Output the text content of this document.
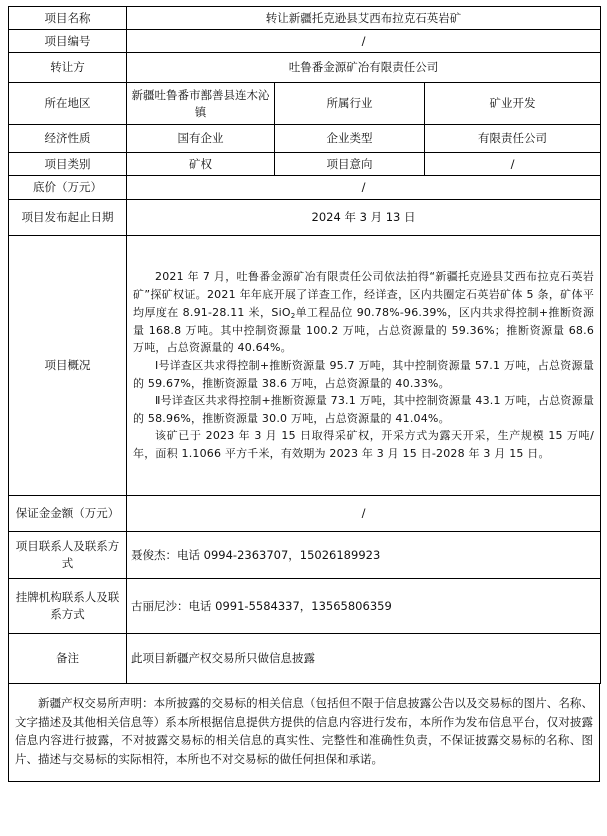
项目名称	转让新疆托克逊县艾西布拉克石英岩矿		
项目编号	/		
转让方	吐鲁番金源矿冶有限责任公司		
所在地区	新疆吐鲁番市鄯善县连木沁镇	所属行业	矿业开发
经济性质	国有企业	企业类型	有限责任公司
项目类别	矿权	项目意向	/
底价（万元）	/		
项目发布起止日期	2024 年 3 月 13 日		
项目概况	2021 年 7 月，吐鲁番金源矿冶有限责任公司依法拍得“新疆托克逊县艾西布拉克石英岩矿”探矿权证。2021 年年底开展了详查工作，经详查，区内共圈定石英岩矿体 5 条，矿体平均厚度在 8.91-28.11 米，SiO$_2$单工程品位 90.78%-96.39%，区内共求得控制+推断资源量 168.8 万吨。其中控制资源量 100.2 万吨，占总资源量的 59.36%；推断资源量 68.6 万吨，占总资源量的 40.64%。

Ⅰ号详查区共求得控制+推断资源量 95.7 万吨，其中控制资源量 57.1 万吨，占总资源量的 59.67%，推断资源量 38.6 万吨，占总资源量的 40.33%。

Ⅱ号详查区共求得控制+推断资源量 73.1 万吨，其中控制资源量 43.1 万吨，占总资源量的 58.96%，推断资源量 30.0 万吨，占总资源量的 41.04%。

该矿已于 2023 年 3 月 15 日取得采矿权，开采方式为露天开采，生产规模 15 万吨/年，面积 1.1066 平方千米，有效期为 2023 年 3 月 15 日-2028 年 3 月 15 日。		

保证金金额（万元）	/		
项目联系人及联系方式	聂俊杰：电话 0994-2363707，15026189923		
挂牌机构联系人及联系方式	古丽尼沙：电话 0991-5584337，13565806359		
备注	此项目新疆产权交易所只做信息披露		
新疆产权交易所声明：本所披露的交易标的相关信息（包括但不限于信息披露公告以及交易标的图片、名称、文字描述及其他相关信息等）系本所根据信息提供方提供的信息内容进行发布，本所作为发布信息平台，仅对披露信息内容进行披露，不对披露交易标的相关信息的真实性、完整性和准确性负责，不保证披露交易标的名称、图片、描述与交易标的实际相符，本所也不对交易标的做任何担保和承诺。
